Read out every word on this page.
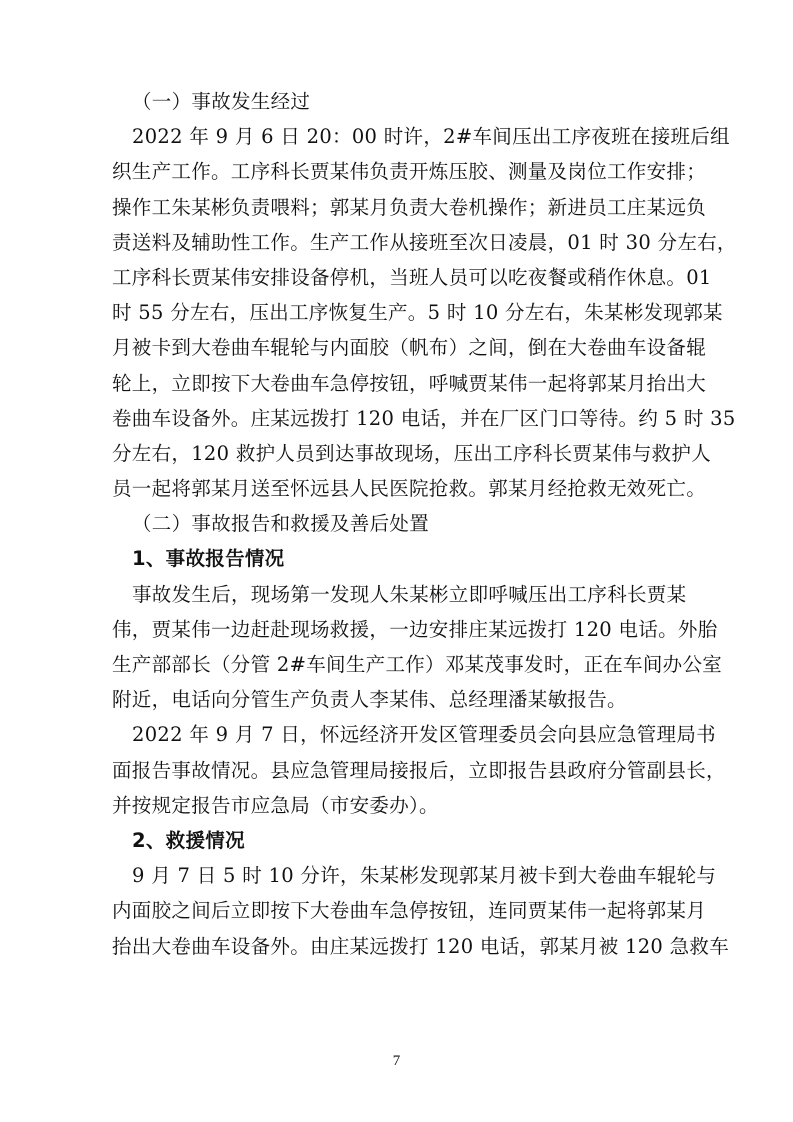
（一）事故发生经过
2022 年 9 月 6 日 20：00 时许，2#车间压出工序夜班在接班后组
织生产工作。工序科长贾某伟负责开炼压胶、测量及岗位工作安排；
操作工朱某彬负责喂料；郭某月负责大卷机操作；新进员工庄某远负
责送料及辅助性工作。生产工作从接班至次日凌晨，01 时 30 分左右，
工序科长贾某伟安排设备停机，当班人员可以吃夜餐或稍作休息。01
时 55 分左右，压出工序恢复生产。5 时 10 分左右，朱某彬发现郭某
月被卡到大卷曲车辊轮与内面胶（帆布）之间，倒在大卷曲车设备辊
轮上，立即按下大卷曲车急停按钮，呼喊贾某伟一起将郭某月抬出大
卷曲车设备外。庄某远拨打 120 电话，并在厂区门口等待。约 5 时 35
分左右，120 救护人员到达事故现场，压出工序科长贾某伟与救护人
员一起将郭某月送至怀远县人民医院抢救。郭某月经抢救无效死亡。
（二）事故报告和救援及善后处置
1、事故报告情况
事故发生后，现场第一发现人朱某彬立即呼喊压出工序科长贾某
伟，贾某伟一边赶赴现场救援，一边安排庄某远拨打 120 电话。外胎
生产部部长（分管 2#车间生产工作）邓某茂事发时，正在车间办公室
附近，电话向分管生产负责人李某伟、总经理潘某敏报告。
2022 年 9 月 7 日，怀远经济开发区管理委员会向县应急管理局书
面报告事故情况。县应急管理局接报后，立即报告县政府分管副县长，
并按规定报告市应急局（市安委办）。
2、救援情况
9 月 7 日 5 时 10 分许，朱某彬发现郭某月被卡到大卷曲车辊轮与
内面胶之间后立即按下大卷曲车急停按钮，连同贾某伟一起将郭某月
抬出大卷曲车设备外。由庄某远拨打 120 电话，郭某月被 120 急救车
7
